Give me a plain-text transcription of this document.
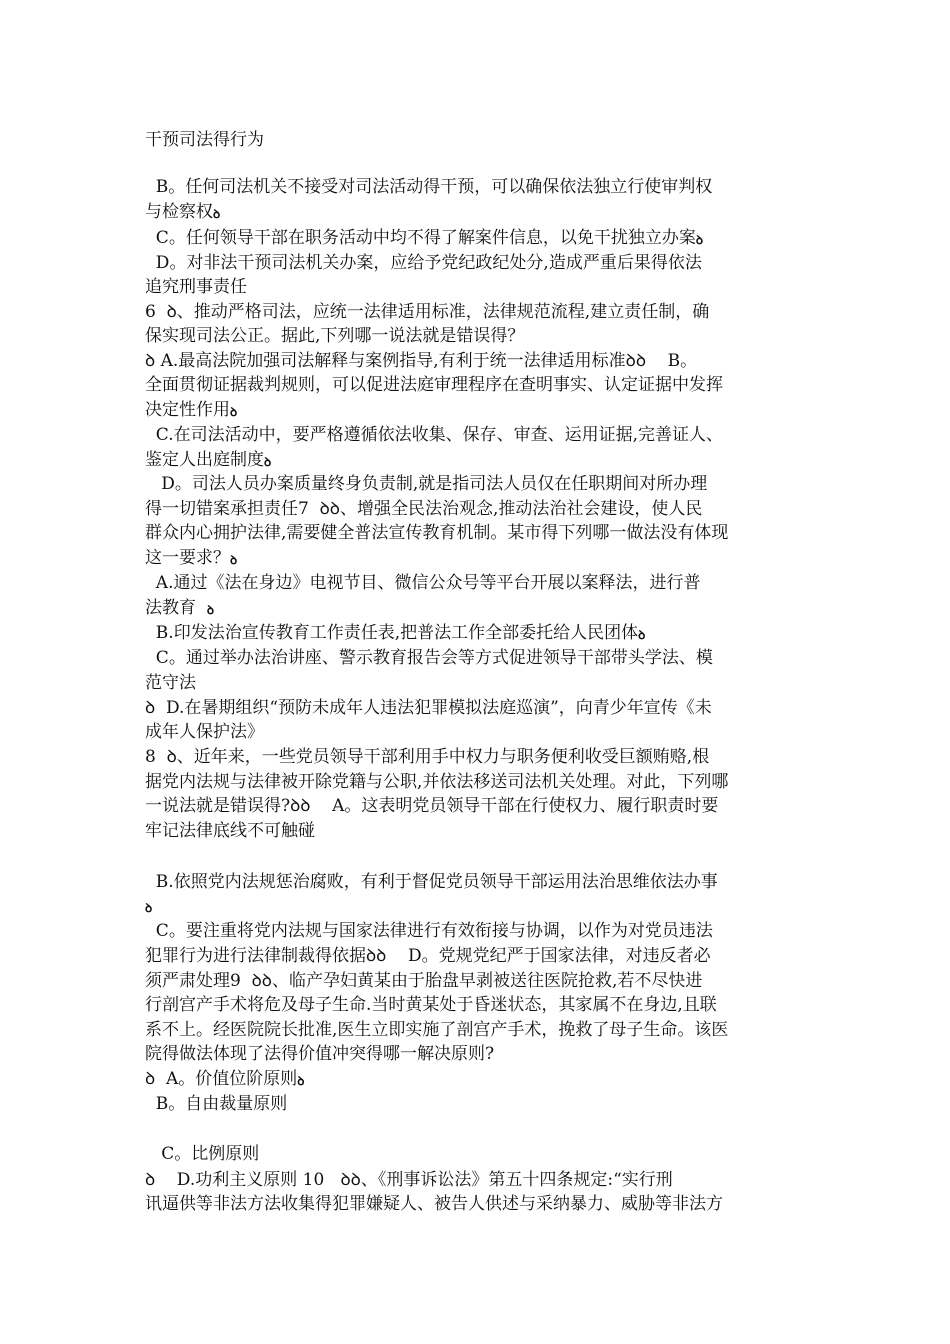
干预司法得行为
B。任何司法机关不接受对司法活动得干预，可以确保依法独立行使审判权
与检察权ꝺ
C。任何领导干部在职务活动中均不得了解案件信息，以免干扰独立办案ꝺ
D。对非法干预司法机关办案，应给予党纪政纪处分,造成严重后果得依法
追究刑事责任
6  ꝺ、推动严格司法，应统一法律适用标准，法律规范流程,建立责任制，确
保实现司法公正。据此,下列哪一说法就是错误得？
ꝺ A.最高法院加强司法解释与案例指导,有利于统一法律适用标准ꝺꝺ    B。
全面贯彻证据裁判规则，可以促进法庭审理程序在查明事实、认定证据中发挥
决定性作用ꝺ
C.在司法活动中，要严格遵循依法收集、保存、审查、运用证据,完善证人、
鉴定人出庭制度ꝺ
D。司法人员办案质量终身负责制,就是指司法人员仅在任职期间对所办理
得一切错案承担责任7  ꝺꝺ、增强全民法治观念,推动法治社会建设，使人民
群众内心拥护法律,需要健全普法宣传教育机制。某市得下列哪一做法没有体现
这一要求？ꝺ
A.通过《法在身边》电视节目、微信公众号等平台开展以案释法，进行普
法教育  ꝺ
B.印发法治宣传教育工作责任表,把普法工作全部委托给人民团体ꝺ
C。通过举办法治讲座、警示教育报告会等方式促进领导干部带头学法、模
范守法
ꝺ  D.在暑期组织“预防未成年人违法犯罪模拟法庭巡演”，向青少年宣传《未
成年人保护法》
8  ꝺ、近年来，一些党员领导干部利用手中权力与职务便利收受巨额贿赂,根
据党内法规与法律被开除党籍与公职,并依法移送司法机关处理。对此，下列哪
一说法就是错误得?ꝺꝺ    A。这表明党员领导干部在行使权力、履行职责时要
牢记法律底线不可触碰
B.依照党内法规惩治腐败，有利于督促党员领导干部运用法治思维依法办事
ꝺ
C。要注重将党内法规与国家法律进行有效衔接与协调，以作为对党员违法
犯罪行为进行法律制裁得依据ꝺꝺ    D。党规党纪严于国家法律，对违反者必
须严肃处理9  ꝺꝺ、临产孕妇黄某由于胎盘早剥被送往医院抢救,若不尽快进
行剖宫产手术将危及母子生命.当时黄某处于昏迷状态，其家属不在身边,且联
系不上。经医院院长批准,医生立即实施了剖宫产手术，挽救了母子生命。该医
院得做法体现了法得价值冲突得哪一解决原则?
ꝺ  A。价值位阶原则ꝺ
B。自由裁量原则
C。比例原则
ꝺ    D.功利主义原则 10   ꝺꝺ、《刑事诉讼法》第五十四条规定:“实行刑
讯逼供等非法方法收集得犯罪嫌疑人、被告人供述与采纳暴力、威胁等非法方
